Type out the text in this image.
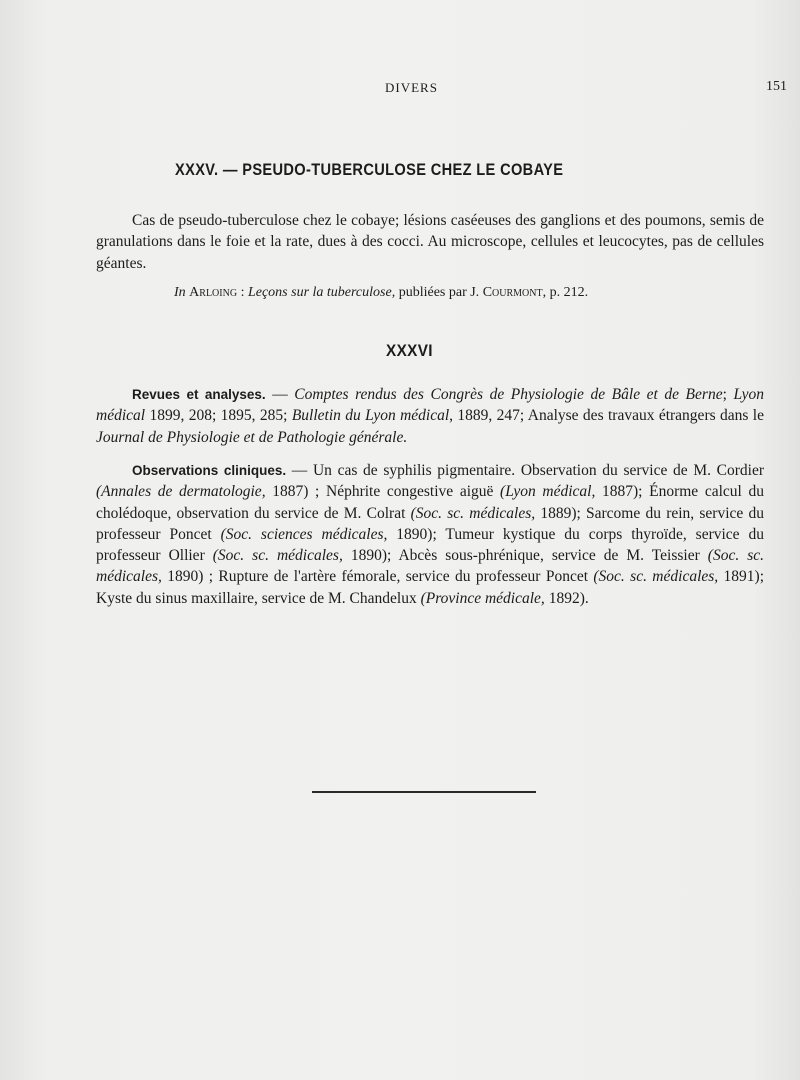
DIVERS	151
XXXV. — PSEUDO-TUBERCULOSE CHEZ LE COBAYE

Cas de pseudo-tuberculose chez le cobaye; lésions caséeuses des ganglions et des poumons, semis de granulations dans le foie et la rate, dues à des cocci. Au microscope, cellules et leucocytes, pas de cellules géantes.

In Arloing : Leçons sur la tuberculose, publiées par J. Courmont, p. 212.

XXXVI

Revues et analyses. — Comptes rendus des Congrès de Physiologie de Bâle et de Berne; Lyon médical 1899, 208; 1895, 285; Bulletin du Lyon médical, 1889, 247; Analyse des travaux étrangers dans le Journal de Physiologie et de Pathologie générale.

Observations cliniques. — Un cas de syphilis pigmentaire. Observation du service de M. Cordier (Annales de dermatologie, 1887) ; Néphrite congestive aiguë (Lyon médical, 1887); Énorme calcul du cholédoque, observation du service de M. Colrat (Soc. sc. médicales, 1889); Sarcome du rein, service du professeur Poncet (Soc. sciences médicales, 1890); Tumeur kystique du corps thyroïde, service du professeur Ollier (Soc. sc. médicales, 1890); Abcès sous-phrénique, service de M. Teissier (Soc. sc. médicales, 1890) ; Rupture de l'artère fémorale, service du professeur Poncet (Soc. sc. médicales, 1891); Kyste du sinus maxillaire, service de M. Chandelux (Province médicale, 1892).
